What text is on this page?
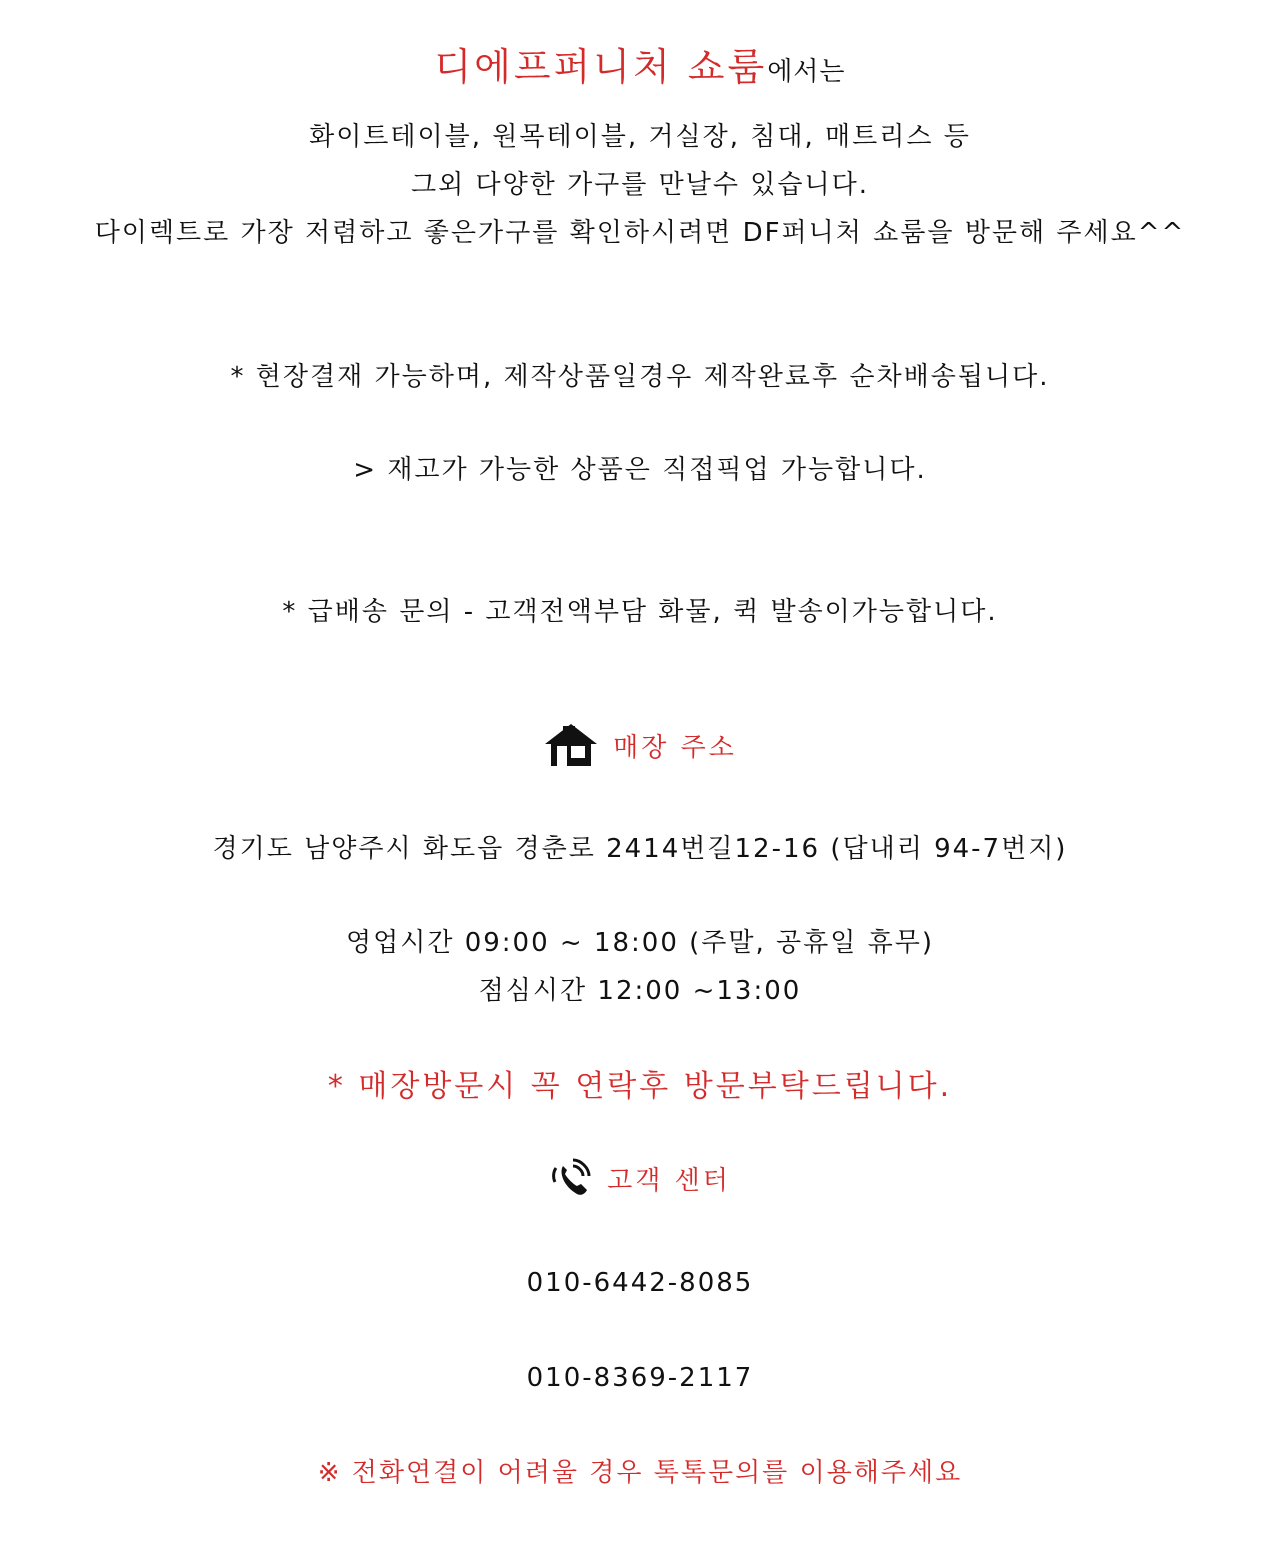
디에프퍼니처 쇼룸에서는
화이트테이블, 원목테이블, 거실장, 침대, 매트리스 등
그외 다양한 가구를 만날수 있습니다.
다이렉트로 가장 저렴하고 좋은가구를 확인하시려면 DF퍼니처 쇼룸을 방문해 주세요^^
* 현장결재 가능하며, 제작상품일경우 제작완료후 순차배송됩니다.
> 재고가 가능한 상품은 직접픽업 가능합니다.
* 급배송 문의 - 고객전액부담 화물, 퀵 발송이가능합니다.
매장 주소
경기도 남양주시 화도읍 경춘로 2414번길12-16 (답내리 94-7번지)
영업시간 09:00 ~ 18:00 (주말, 공휴일 휴무)
점심시간 12:00 ~13:00
* 매장방문시 꼭 연락후 방문부탁드립니다.
고객 센터
010-6442-8085
010-8369-2117
※ 전화연결이 어려울 경우 톡톡문의를 이용해주세요
